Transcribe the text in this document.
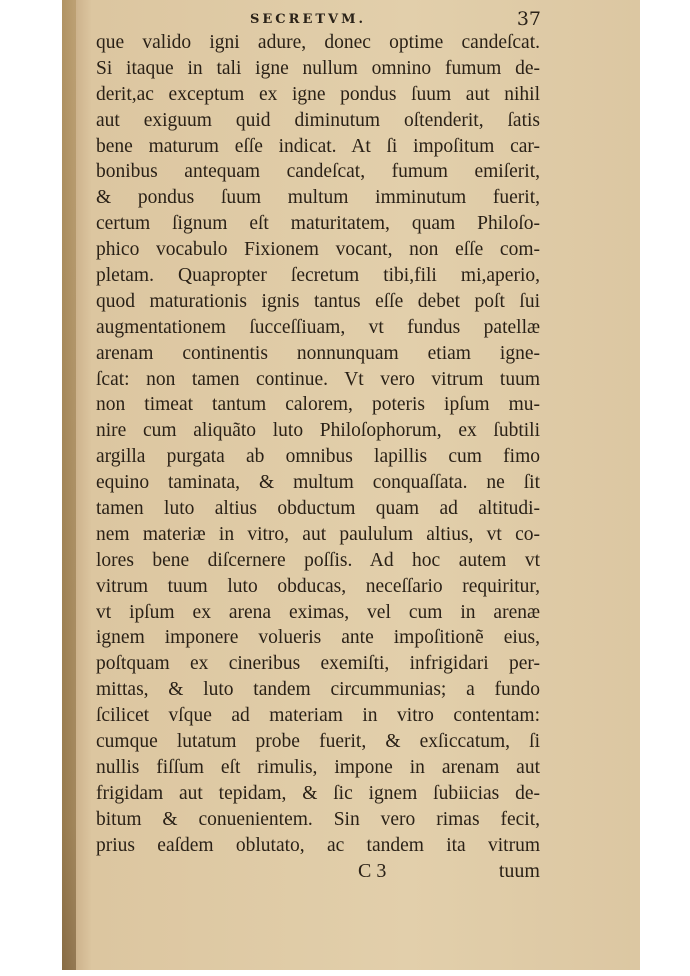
SECRETVM.	37
que valido igni adure, donec optime candeſcat.
Si itaque in tali igne nullum omnino fumum de-
derit,ac exceptum ex igne pondus ſuum aut nihil
aut exiguum quid diminutum oſtenderit, ſatis
bene maturum eſſe indicat. At ſi impoſitum car-
bonibus antequam candeſcat, fumum emiſerit,
& pondus ſuum multum imminutum fuerit,
certum ſignum eſt maturitatem, quam Philoſo-
phico vocabulo Fixionem vocant, non eſſe com-
pletam. Quapropter ſecretum tibi,fili mi,aperio,
quod maturationis ignis tantus eſſe debet poſt ſui
augmentationem ſucceſſiuam, vt fundus patellæ
arenam continentis nonnunquam etiam igne-
ſcat: non tamen continue. Vt vero vitrum tuum
non timeat tantum calorem, poteris ipſum mu-
nire cum aliquãto luto Philoſophorum, ex ſubtili
argilla purgata ab omnibus lapillis cum fimo
equino taminata, & multum conquaſſata. ne ſit
tamen luto altius obductum quam ad altitudi-
nem materiæ in vitro, aut paululum altius, vt co-
lores bene diſcernere poſſis. Ad hoc autem vt
vitrum tuum luto obducas, neceſſario requiritur,
vt ipſum ex arena eximas, vel cum in arenæ
ignem imponere volueris ante impoſitionẽ eius,
poſtquam ex cineribus exemiſti, infrigidari per-
mittas, & luto tandem circummunias; a fundo
ſcilicet vſque ad materiam in vitro contentam:
cumque lutatum probe fuerit, & exſiccatum, ſi
nullis fiſſum eſt rimulis, impone in arenam aut
frigidam aut tepidam, & ſic ignem ſubiicias de-
bitum & conuenientem. Sin vero rimas fecit,
prius eaſdem oblutato, ac tandem ita vitrum
C 3	tuum
